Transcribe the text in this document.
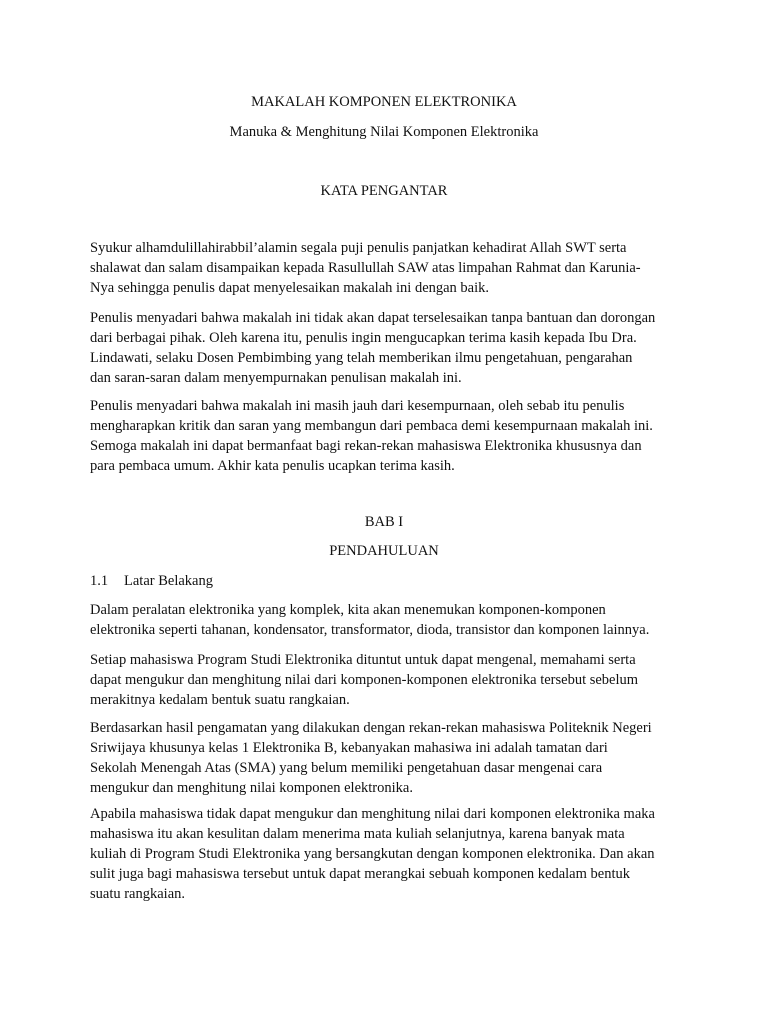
MAKALAH KOMPONEN ELEKTRONIKA
Manuka & Menghitung Nilai Komponen Elektronika
KATA PENGANTAR
Syukur alhamdulillahirabbil’alamin segala puji penulis panjatkan kehadirat Allah SWT serta
shalawat dan salam disampaikan kepada Rasullullah SAW atas limpahan Rahmat dan Karunia-
Nya sehingga penulis dapat menyelesaikan makalah ini dengan baik.
Penulis menyadari bahwa makalah ini tidak akan dapat terselesaikan tanpa bantuan dan dorongan
dari berbagai pihak. Oleh karena itu, penulis ingin mengucapkan terima kasih kepada Ibu Dra.
Lindawati, selaku Dosen Pembimbing yang telah memberikan ilmu pengetahuan, pengarahan
dan saran-saran dalam menyempurnakan penulisan makalah ini.
Penulis menyadari bahwa makalah ini masih jauh dari kesempurnaan, oleh sebab itu penulis
mengharapkan kritik dan saran yang membangun dari pembaca demi kesempurnaan makalah ini.
Semoga makalah ini dapat bermanfaat bagi rekan-rekan mahasiswa Elektronika khususnya dan
para pembaca umum. Akhir kata penulis ucapkan terima kasih.
BAB I
PENDAHULUAN
1.1 Latar Belakang
Dalam peralatan elektronika yang komplek, kita akan menemukan komponen-komponen
elektronika seperti tahanan, kondensator, transformator, dioda, transistor dan komponen lainnya.
Setiap mahasiswa Program Studi Elektronika dituntut untuk dapat mengenal, memahami serta
dapat mengukur dan menghitung nilai dari komponen-komponen elektronika tersebut sebelum
merakitnya kedalam bentuk suatu rangkaian.
Berdasarkan hasil pengamatan yang dilakukan dengan rekan-rekan mahasiswa Politeknik Negeri
Sriwijaya khusunya kelas 1 Elektronika B, kebanyakan mahasiwa ini adalah tamatan dari
Sekolah Menengah Atas (SMA) yang belum memiliki pengetahuan dasar mengenai cara
mengukur dan menghitung nilai komponen elektronika.
Apabila mahasiswa tidak dapat mengukur dan menghitung nilai dari komponen elektronika maka
mahasiswa itu akan kesulitan dalam menerima mata kuliah selanjutnya, karena banyak mata
kuliah di Program Studi Elektronika yang bersangkutan dengan komponen elektronika. Dan akan
sulit juga bagi mahasiswa tersebut untuk dapat merangkai sebuah komponen kedalam bentuk
suatu rangkaian.
